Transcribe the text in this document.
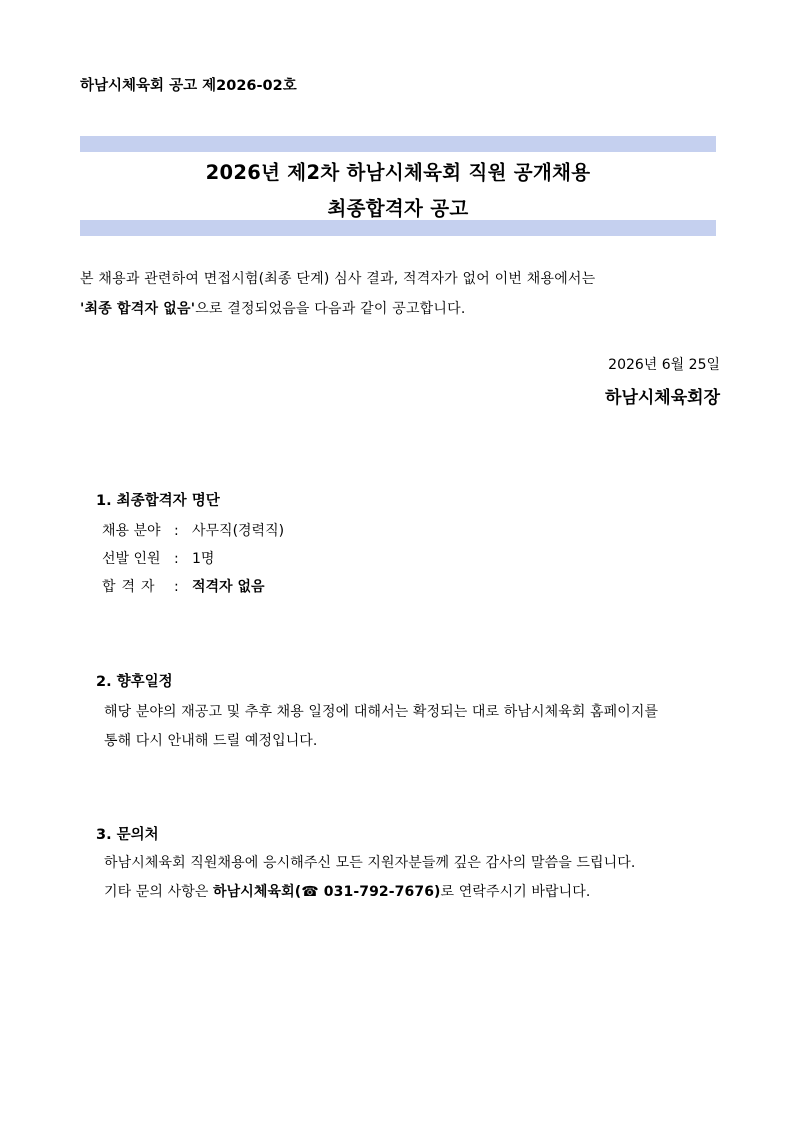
하남시체육회 공고 제2026-02호
2026년 제2차 하남시체육회 직원 공개채용
최종합격자 공고
본 채용과 관련하여 면접시험(최종 단계) 심사 결과, 적격자가 없어 이번 채용에서는
'최종 합격자 없음'으로 결정되었음을 다음과 같이 공고합니다.
2026년 6월 25일
하남시체육회장
1. 최종합격자 명단
채용 분야 : 사무직(경력직)
선발 인원 : 1명
합격자 : 적격자 없음
2. 향후일정
해당 분야의 재공고 및 추후 채용 일정에 대해서는 확정되는 대로 하남시체육회 홈페이지를
통해 다시 안내해 드릴 예정입니다.
3. 문의처
하남시체육회 직원채용에 응시해주신 모든 지원자분들께 깊은 감사의 말씀을 드립니다.
기타 문의 사항은 하남시체육회(☎ 031-792-7676)로 연락주시기 바랍니다.
